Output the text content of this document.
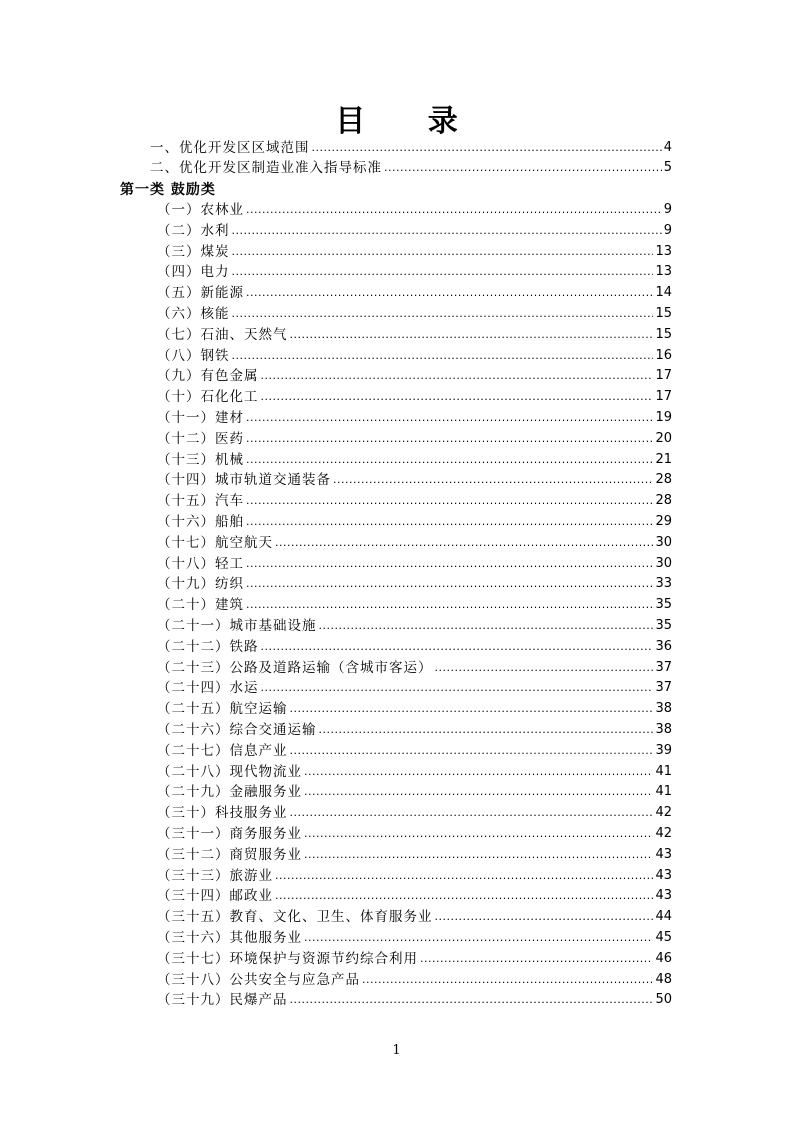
目 录
一、优化开发区区域范围 .....	4
二、优化开发区制造业准入指导标准 .....	5
第一类 鼓励类
（一）农林业 .....	9
（二）水利 .....	9
（三）煤炭 .....	13
（四）电力 .....	13
（五）新能源 .....	14
（六）核能 .....	15
（七）石油、天然气 .....	15
（八）钢铁 .....	16
（九）有色金属 .....	17
（十）石化化工 .....	17
（十一）建材 .....	19
（十二）医药 .....	20
（十三）机械 .....	21
（十四）城市轨道交通装备 .....	28
（十五）汽车 .....	28
（十六）船舶 .....	29
（十七）航空航天 .....	30
（十八）轻工 .....	30
（十九）纺织 .....	33
（二十）建筑 .....	35
（二十一）城市基础设施 .....	35
（二十二）铁路 .....	36
（二十三）公路及道路运输（含城市客运） .....	37
（二十四）水运 .....	37
（二十五）航空运输 .....	38
（二十六）综合交通运输 .....	38
（二十七）信息产业 .....	39
（二十八）现代物流业 .....	41
（二十九）金融服务业 .....	41
（三十）科技服务业 .....	42
（三十一）商务服务业 .....	42
（三十二）商贸服务业 .....	43
（三十三）旅游业 .....	43
（三十四）邮政业 .....	43
（三十五）教育、文化、卫生、体育服务业 .....	44
（三十六）其他服务业 .....	45
（三十七）环境保护与资源节约综合利用 .....	46
（三十八）公共安全与应急产品 .....	48
（三十九）民爆产品 .....	50
1
